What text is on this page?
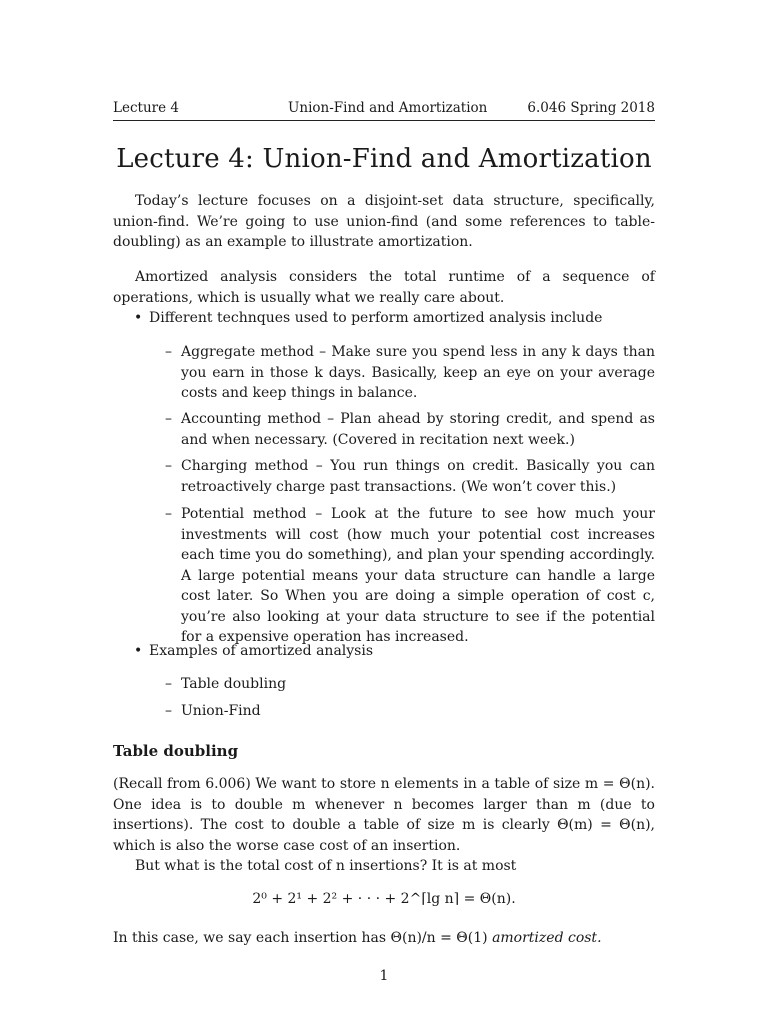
Lecture 4	Union-Find and Amortization	6.046 Spring 2018
Lecture 4: Union-Find and Amortization
Today’s lecture focuses on a disjoint-set data structure, specifically, union-find. We’re going to use union-find (and some references to table-doubling) as an example to illustrate amortization.
Amortized analysis considers the total runtime of a sequence of operations, which is usually what we really care about.
• Different technques used to perform amortized analysis include
– Aggregate method – Make sure you spend less in any k days than you earn in those k days. Basically, keep an eye on your average costs and keep things in balance.
– Accounting method – Plan ahead by storing credit, and spend as and when necessary. (Covered in recitation next week.)
– Charging method – You run things on credit. Basically you can retroactively charge past transactions. (We won’t cover this.)
– Potential method – Look at the future to see how much your investments will cost (how much your potential cost increases each time you do something), and plan your spending accordingly. A large potential means your data structure can handle a large cost later. So When you are doing a simple operation of cost c, you’re also looking at your data structure to see if the potential for a expensive operation has increased.
• Examples of amortized analysis
– Table doubling
– Union-Find
Table doubling
(Recall from 6.006) We want to store n elements in a table of size m = Θ(n). One idea is to double m whenever n becomes larger than m (due to insertions). The cost to double a table of size m is clearly Θ(m) = Θ(n), which is also the worse case cost of an insertion.
But what is the total cost of n insertions? It is at most
2⁰ + 2¹ + 2² + · · · + 2^⌈lg n⌉ = Θ(n).
In this case, we say each insertion has Θ(n)/n = Θ(1) amortized cost.
1
